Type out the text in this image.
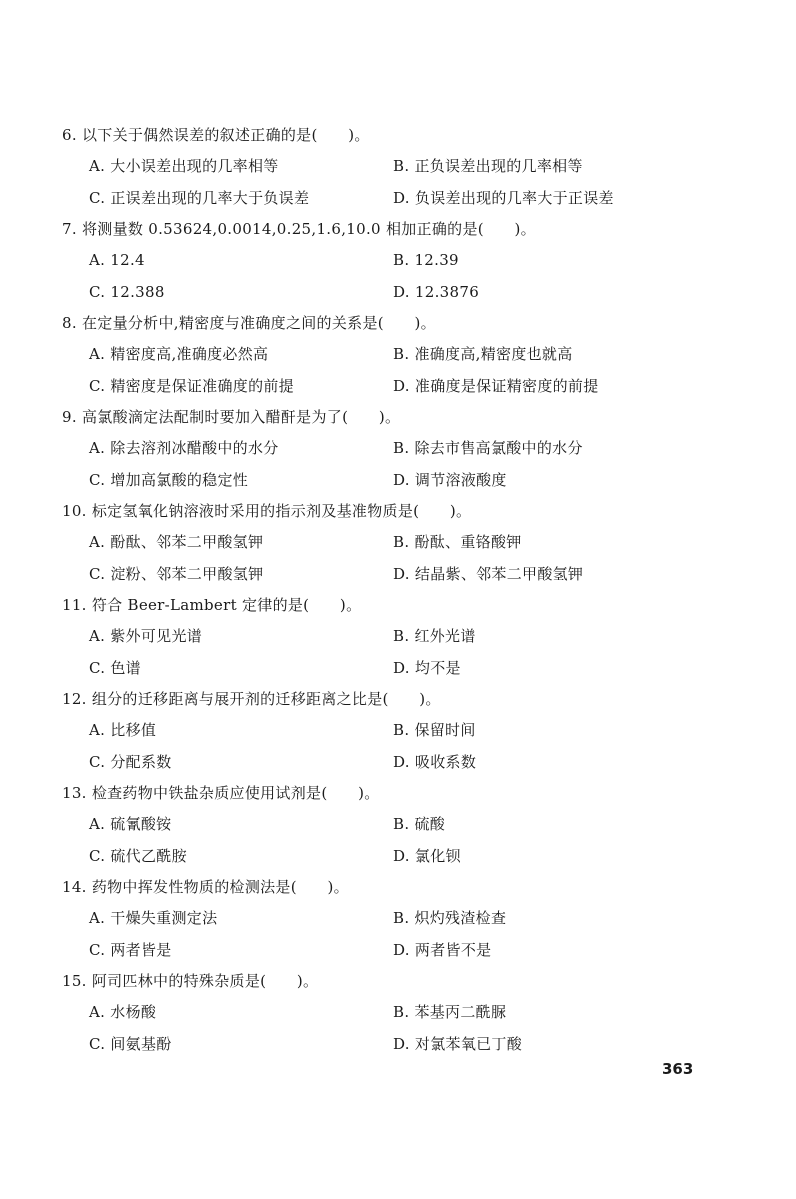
6. 以下关于偶然误差的叙述正确的是(　　)。
A. 大小误差出现的几率相等	B. 正负误差出现的几率相等
C. 正误差出现的几率大于负误差	D. 负误差出现的几率大于正误差
7. 将测量数 0.53624,0.0014,0.25,1.6,10.0 相加正确的是(　　)。
A. 12.4	B. 12.39
C. 12.388	D. 12.3876
8. 在定量分析中,精密度与准确度之间的关系是(　　)。
A. 精密度高,准确度必然高	B. 准确度高,精密度也就高
C. 精密度是保证准确度的前提	D. 准确度是保证精密度的前提
9. 高氯酸滴定法配制时要加入醋酐是为了(　　)。
A. 除去溶剂冰醋酸中的水分	B. 除去市售高氯酸中的水分
C. 增加高氯酸的稳定性	D. 调节溶液酸度
10. 标定氢氧化钠溶液时采用的指示剂及基准物质是(　　)。
A. 酚酞、邻苯二甲酸氢钾	B. 酚酞、重铬酸钾
C. 淀粉、邻苯二甲酸氢钾	D. 结晶紫、邻苯二甲酸氢钾
11. 符合 Beer-Lambert 定律的是(　　)。
A. 紫外可见光谱	B. 红外光谱
C. 色谱	D. 均不是
12. 组分的迁移距离与展开剂的迁移距离之比是(　　)。
A. 比移值	B. 保留时间
C. 分配系数	D. 吸收系数
13. 检查药物中铁盐杂质应使用试剂是(　　)。
A. 硫氰酸铵	B. 硫酸
C. 硫代乙酰胺	D. 氯化钡
14. 药物中挥发性物质的检测法是(　　)。
A. 干燥失重测定法	B. 炽灼残渣检查
C. 两者皆是	D. 两者皆不是
15. 阿司匹林中的特殊杂质是(　　)。
A. 水杨酸	B. 苯基丙二酰脲
C. 间氨基酚	D. 对氯苯氧已丁酸
363
